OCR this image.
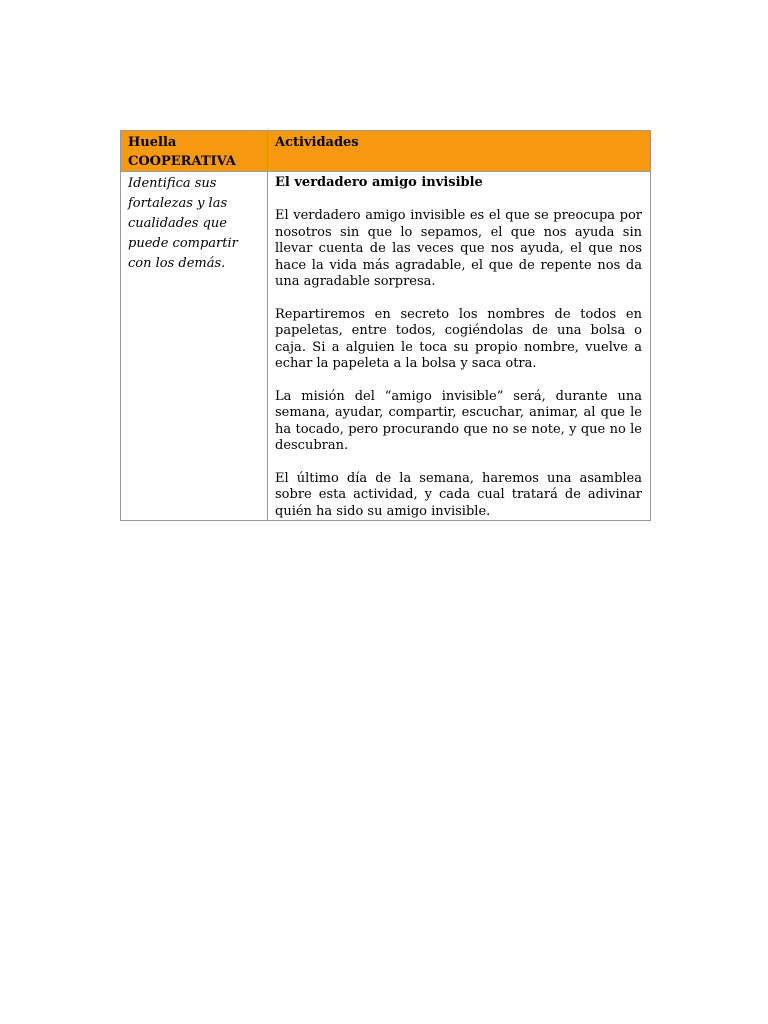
Huella COOPERATIVA	Actividades
Identifica sus fortalezas y las cualidades que puede compartir con los demás.	El verdadero amigo invisible

El verdadero amigo invisible es el que se preocupa por nosotros sin que lo sepamos, el que nos ayuda sin llevar cuenta de las veces que nos ayuda, el que nos hace la vida más agradable, el que de repente nos da una agradable sorpresa.

Repartiremos en secreto los nombres de todos en papeletas, entre todos, cogiéndolas de una bolsa o caja. Si a alguien le toca su propio nombre, vuelve a echar la papeleta a la bolsa y saca otra.

La misión del “amigo invisible” será, durante una semana, ayudar, compartir, escuchar, animar, al que le ha tocado, pero procurando que no se note, y que no le descubran.

El último día de la semana, haremos una asamblea sobre esta actividad, y cada cual tratará de adivinar quién ha sido su amigo invisible.
